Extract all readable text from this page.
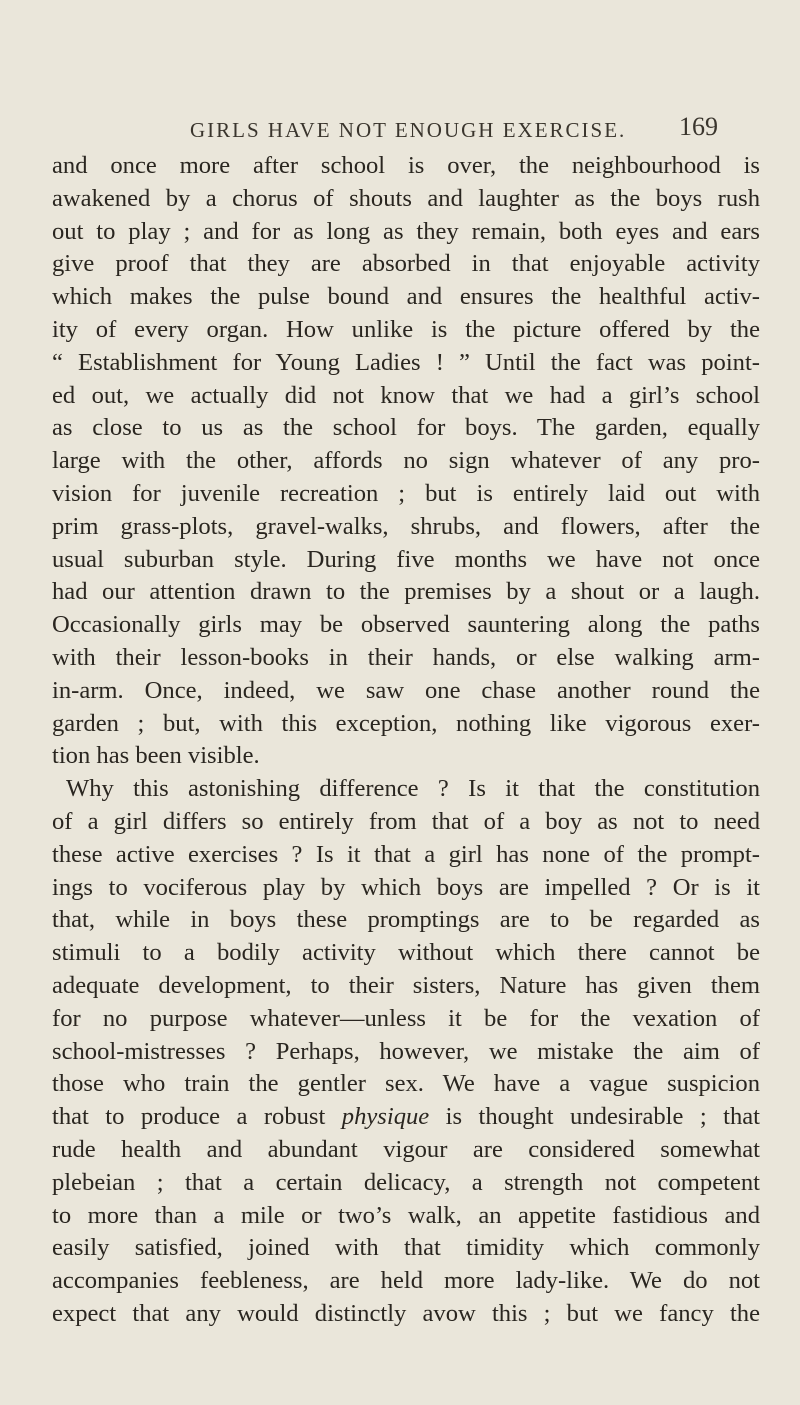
GIRLS HAVE NOT ENOUGH EXERCISE. 169
and once more after school is over, the neighbourhood is
awakened by a chorus of shouts and laughter as the boys rush
out to play ; and for as long as they remain, both eyes and ears
give proof that they are absorbed in that enjoyable activity
which makes the pulse bound and ensures the healthful activ-
ity of every organ. How unlike is the picture offered by the
“ Establishment for Young Ladies ! ” Until the fact was point-
ed out, we actually did not know that we had a girl’s school
as close to us as the school for boys. The garden, equally
large with the other, affords no sign whatever of any pro-
vision for juvenile recreation ; but is entirely laid out with
prim grass-plots, gravel-walks, shrubs, and flowers, after the
usual suburban style. During five months we have not once
had our attention drawn to the premises by a shout or a laugh.
Occasionally girls may be observed sauntering along the paths
with their lesson-books in their hands, or else walking arm-
in-arm. Once, indeed, we saw one chase another round the
garden ; but, with this exception, nothing like vigorous exer-
tion has been visible.
Why this astonishing difference ? Is it that the constitution
of a girl differs so entirely from that of a boy as not to need
these active exercises ? Is it that a girl has none of the prompt-
ings to vociferous play by which boys are impelled ? Or is it
that, while in boys these promptings are to be regarded as
stimuli to a bodily activity without which there cannot be
adequate development, to their sisters, Nature has given them
for no purpose whatever—unless it be for the vexation of
school-mistresses ? Perhaps, however, we mistake the aim of
those who train the gentler sex. We have a vague suspicion
that to produce a robust physique is thought undesirable ; that
rude health and abundant vigour are considered somewhat
plebeian ; that a certain delicacy, a strength not competent
to more than a mile or two’s walk, an appetite fastidious and
easily satisfied, joined with that timidity which commonly
accompanies feebleness, are held more lady-like. We do not
expect that any would distinctly avow this ; but we fancy the
